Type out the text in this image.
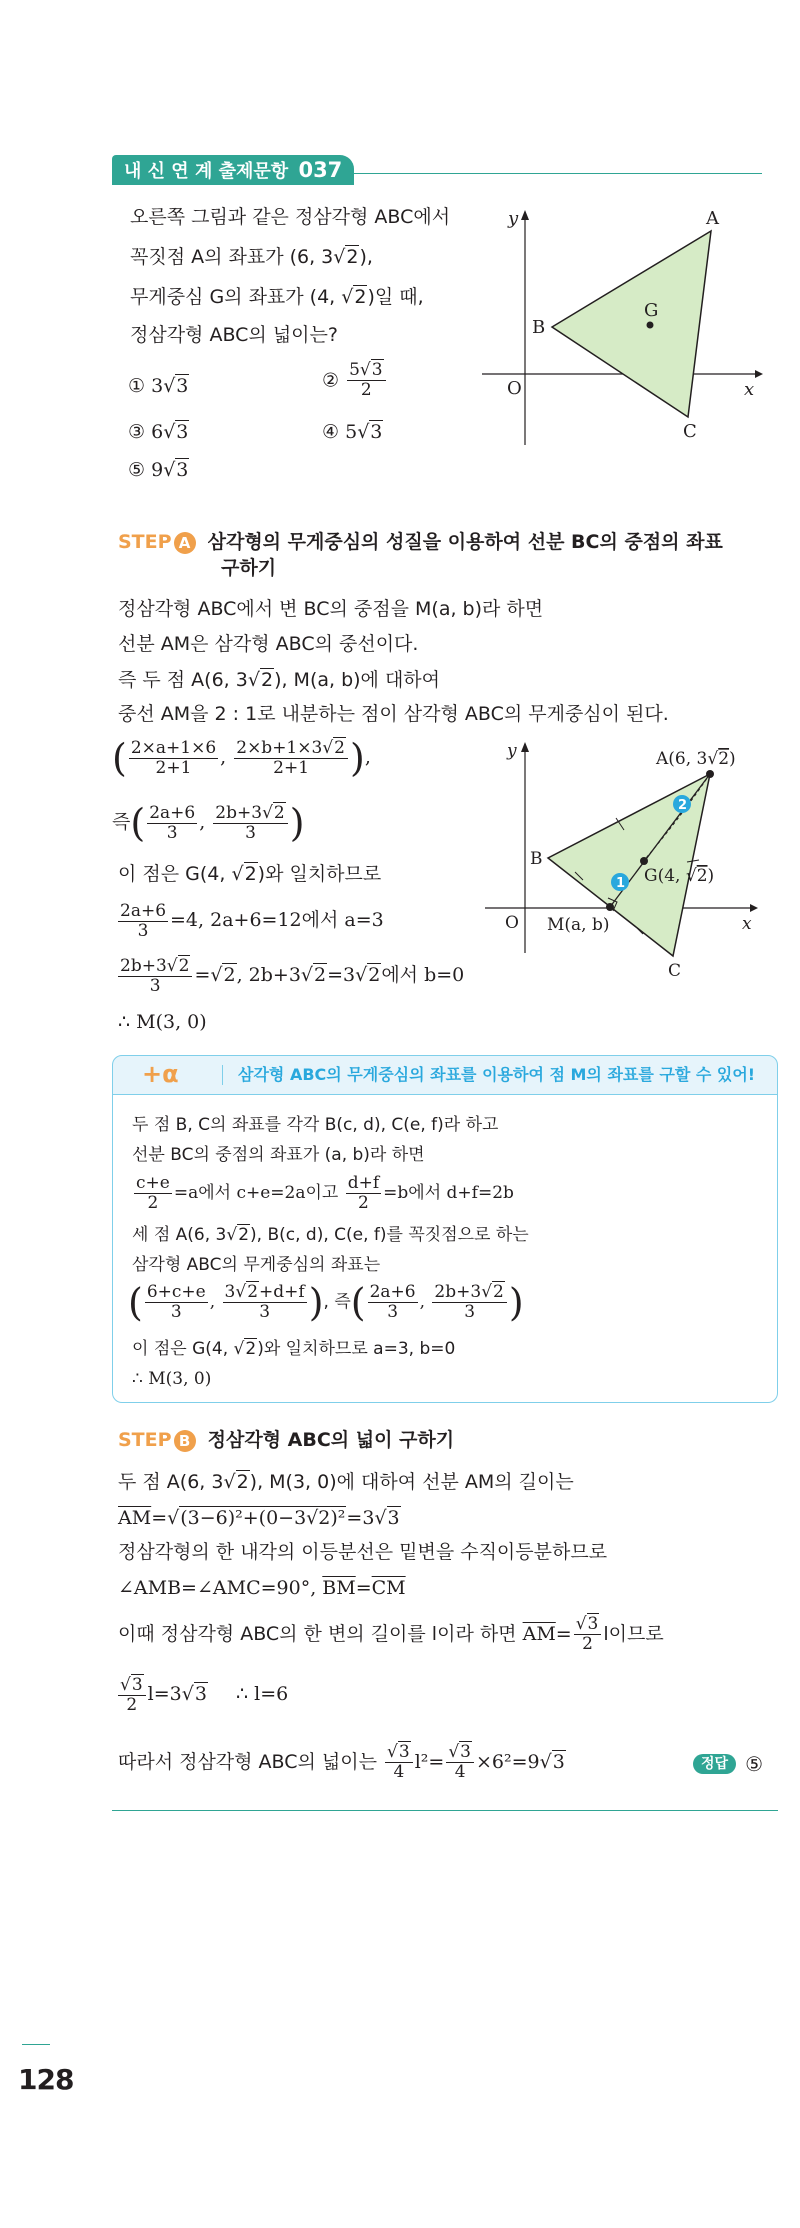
내 신 연 계 출제문항 037
오른쪽 그림과 같은 정삼각형 ABC에서
꼭짓점 A의 좌표가 (6, 3√2),
무게중심 G의 좌표가 (4, √2)일 때,
정삼각형 ABC의 넓이는?
① 3√3	② $\frac{5√3}{2}$
③ 6√3	④ 5√3
⑤ 9√3
y
x
O
A
B
C
G
STEP A 삼각형의 무게중심의 성질을 이용하여 선분 BC의 중점의 좌표
구하기
정삼각형 ABC에서 변 BC의 중점을 M(a, b)라 하면
선분 AM은 삼각형 ABC의 중선이다.
즉 두 점 A(6, 3√2), M(a, b)에 대하여
중선 AM을 2 : 1로 내분하는 점이 삼각형 ABC의 무게중심이 된다.
( $\frac{2\times a+1\times 6}{2+1}$ , $\frac{2\times b+1\times 3√2}{2+1}$ ),
즉( $\frac{2a+6}{3}$ , $\frac{2b+3√2}{3}$ )
이 점은 G(4, √2)와 일치하므로
$\frac{2a+6}{3} =4$, 2a+6=12에서 a=3
$\frac{2b+3√2}{3} =√2$, 2b+3√2=3√2에서 b=0
∴ M(3, 0)
1
2
y
x
O
A(6, 3√2)
B
C
G(4, √2)
M(a, b)
+α	삼각형 ABC의 무게중심의 좌표를 이용하여 점 M의 좌표를 구할 수 있어!
두 점 B, C의 좌표를 각각 B(c, d), C(e, f)라 하고
선분 BC의 중점의 좌표가 (a, b)라 하면
$\frac{c+e}{2} =a$에서 c+e=2a이고 $\frac{d+f}{2} =b$에서 d+f=2b
세 점 A(6, 3√2), B(c, d), C(e, f)를 꼭짓점으로 하는
삼각형 ABC의 무게중심의 좌표는
( $\frac{6+c+e}{3}$ , $\frac{3√2+d+f}{3}$ ), 즉( $\frac{2a+6}{3}$ , $\frac{2b+3√2}{3}$ )
이 점은 G(4, √2)와 일치하므로 a=3, b=0
∴ M(3, 0)
STEP B 정삼각형 ABC의 넓이 구하기
두 점 A(6, 3√2), M(3, 0)에 대하여 선분 AM의 길이는
$\overline{AM}=√(3-6)^2+(0-3√2)^2=3√3$
정삼각형의 한 내각의 이등분선은 밑변을 수직이등분하므로
∠AMB=∠AMC=90°, $\overline{BM}=\overline{CM}$
이때 정삼각형 ABC의 한 변의 길이를 l이라 하면 $\overline{AM}= \frac{√3}{2}$ l이므로
$\frac{√3}{2} l=3√3$ ∴ l=6
따라서 정삼각형 ABC의 넓이는 $\frac{√3}{4} l^2= \frac{√3}{4} \times 6^2=9√3$	정답 ⑤
128
